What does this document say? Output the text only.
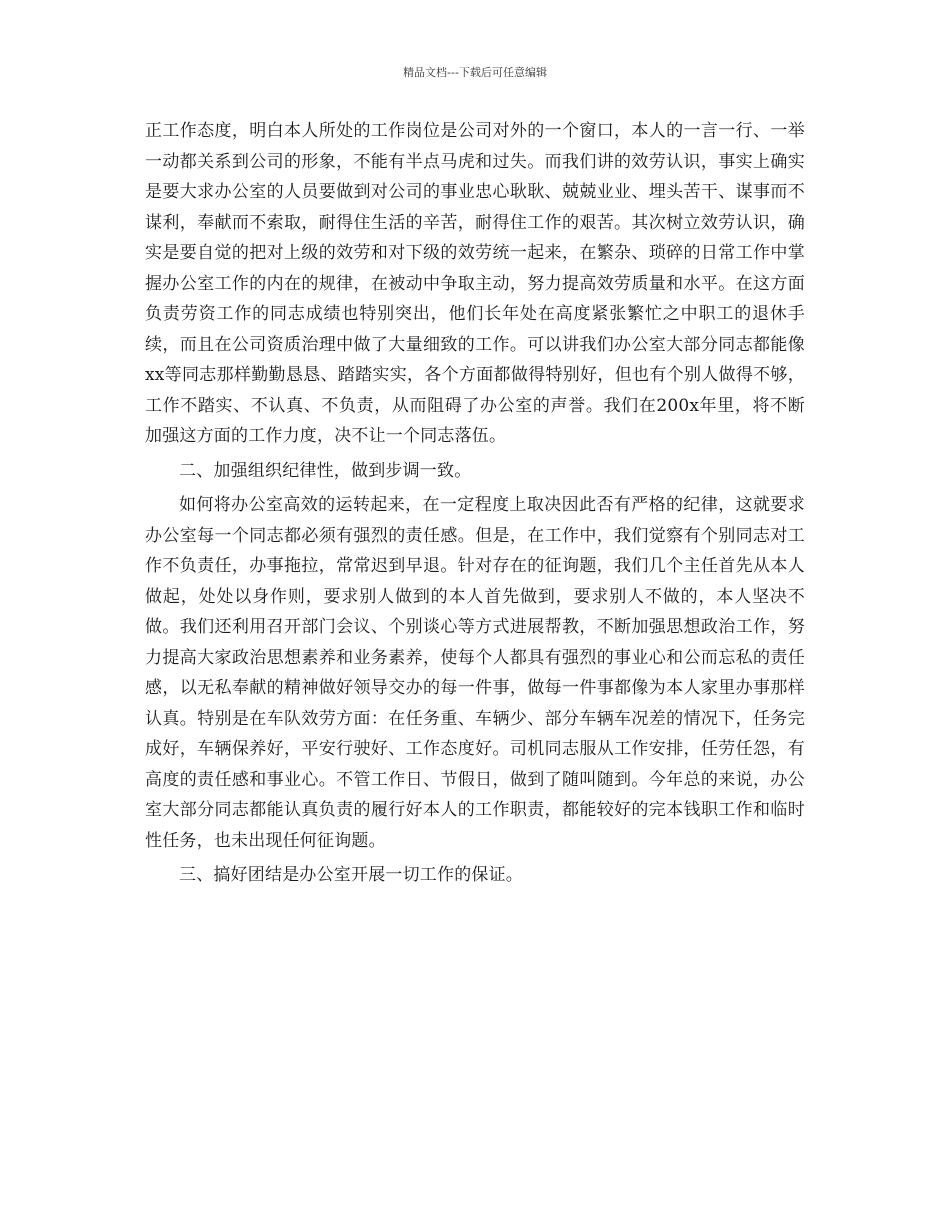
精品文档---下载后可任意编辑

正工作态度，明白本人所处的工作岗位是公司对外的一个窗口，本人的一言一行、一举一动都关系到公司的形象，不能有半点马虎和过失。而我们讲的效劳认识，事实上确实是要大求办公室的人员要做到对公司的事业忠心耿耿、兢兢业业、埋头苦干、谋事而不谋利，奉献而不索取，耐得住生活的辛苦，耐得住工作的艰苦。其次树立效劳认识，确实是要自觉的把对上级的效劳和对下级的效劳统一起来，在繁杂、琐碎的日常工作中掌握办公室工作的内在的规律，在被动中争取主动，努力提高效劳质量和水平。在这方面负责劳资工作的同志成绩也特别突出，他们长年处在高度紧张繁忙之中职工的退休手续，而且在公司资质治理中做了大量细致的工作。可以讲我们办公室大部分同志都能像xx等同志那样勤勤恳恳、踏踏实实，各个方面都做得特别好，但也有个别人做得不够，工作不踏实、不认真、不负责，从而阻碍了办公室的声誉。我们在200x年里，将不断加强这方面的工作力度，决不让一个同志落伍。

二、加强组织纪律性，做到步调一致。

如何将办公室高效的运转起来，在一定程度上取决因此否有严格的纪律，这就要求办公室每一个同志都必须有强烈的责任感。但是，在工作中，我们觉察有个别同志对工作不负责任，办事拖拉，常常迟到早退。针对存在的征询题，我们几个主任首先从本人做起，处处以身作则，要求别人做到的本人首先做到，要求别人不做的，本人坚决不做。我们还利用召开部门会议、个别谈心等方式进展帮教，不断加强思想政治工作，努力提高大家政治思想素养和业务素养，使每个人都具有强烈的事业心和公而忘私的责任感，以无私奉献的精神做好领导交办的每一件事，做每一件事都像为本人家里办事那样认真。特别是在车队效劳方面：在任务重、车辆少、部分车辆车况差的情况下，任务完成好，车辆保养好，平安行驶好、工作态度好。司机同志服从工作安排，任劳任怨，有高度的责任感和事业心。不管工作日、节假日，做到了随叫随到。今年总的来说，办公室大部分同志都能认真负责的履行好本人的工作职责，都能较好的完本钱职工作和临时性任务，也未出现任何征询题。

三、搞好团结是办公室开展一切工作的保证。
